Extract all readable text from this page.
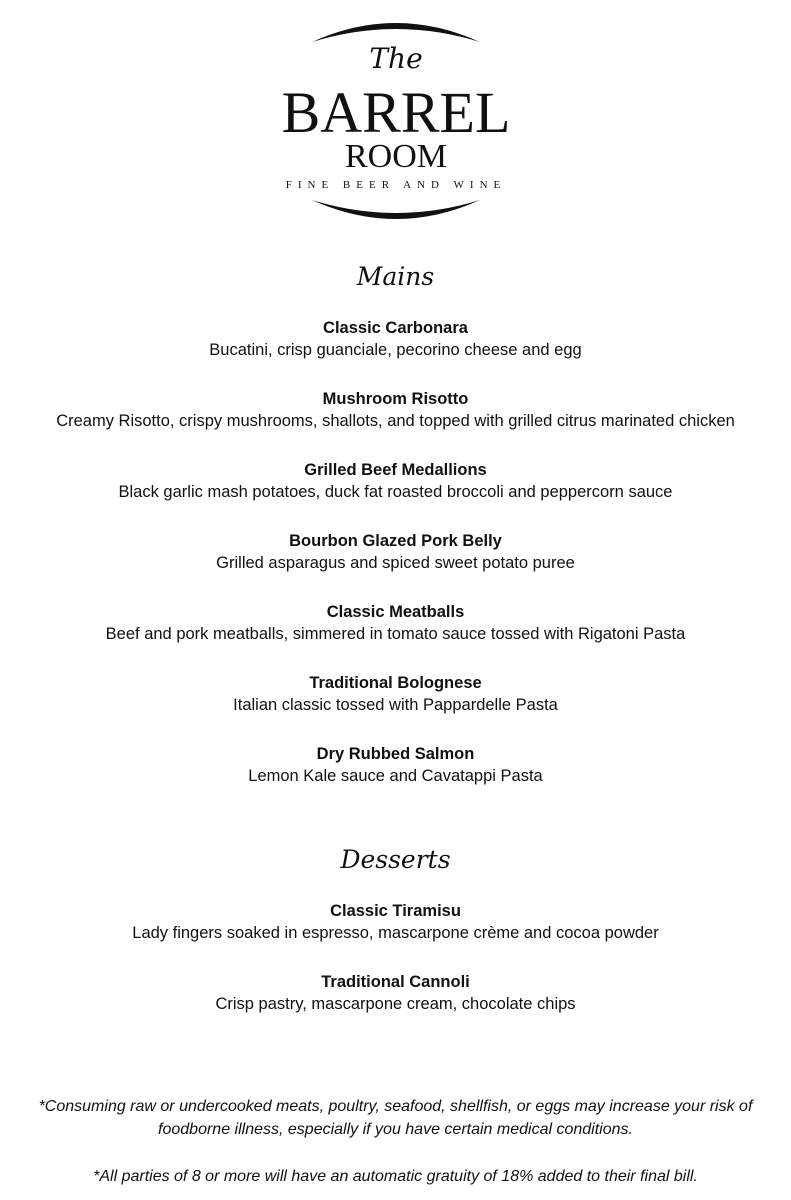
The
BARREL
ROOM
FINE BEER AND WINE
Mains
Classic Carbonara
Bucatini, crisp guanciale, pecorino cheese and egg
Mushroom Risotto
Creamy Risotto, crispy mushrooms, shallots, and topped with grilled citrus marinated chicken
Grilled Beef Medallions
Black garlic mash potatoes, duck fat roasted broccoli and peppercorn sauce
Bourbon Glazed Pork Belly
Grilled asparagus and spiced sweet potato puree
Classic Meatballs
Beef and pork meatballs, simmered in tomato sauce tossed with Rigatoni Pasta
Traditional Bolognese
Italian classic tossed with Pappardelle Pasta
Dry Rubbed Salmon
Lemon Kale sauce and Cavatappi Pasta
Desserts
Classic Tiramisu
Lady fingers soaked in espresso, mascarpone crème and cocoa powder
Traditional Cannoli
Crisp pastry, mascarpone cream, chocolate chips
*Consuming raw or undercooked meats, poultry, seafood, shellfish, or eggs may increase your risk of foodborne illness, especially if you have certain medical conditions.
*All parties of 8 or more will have an automatic gratuity of 18% added to their final bill.
